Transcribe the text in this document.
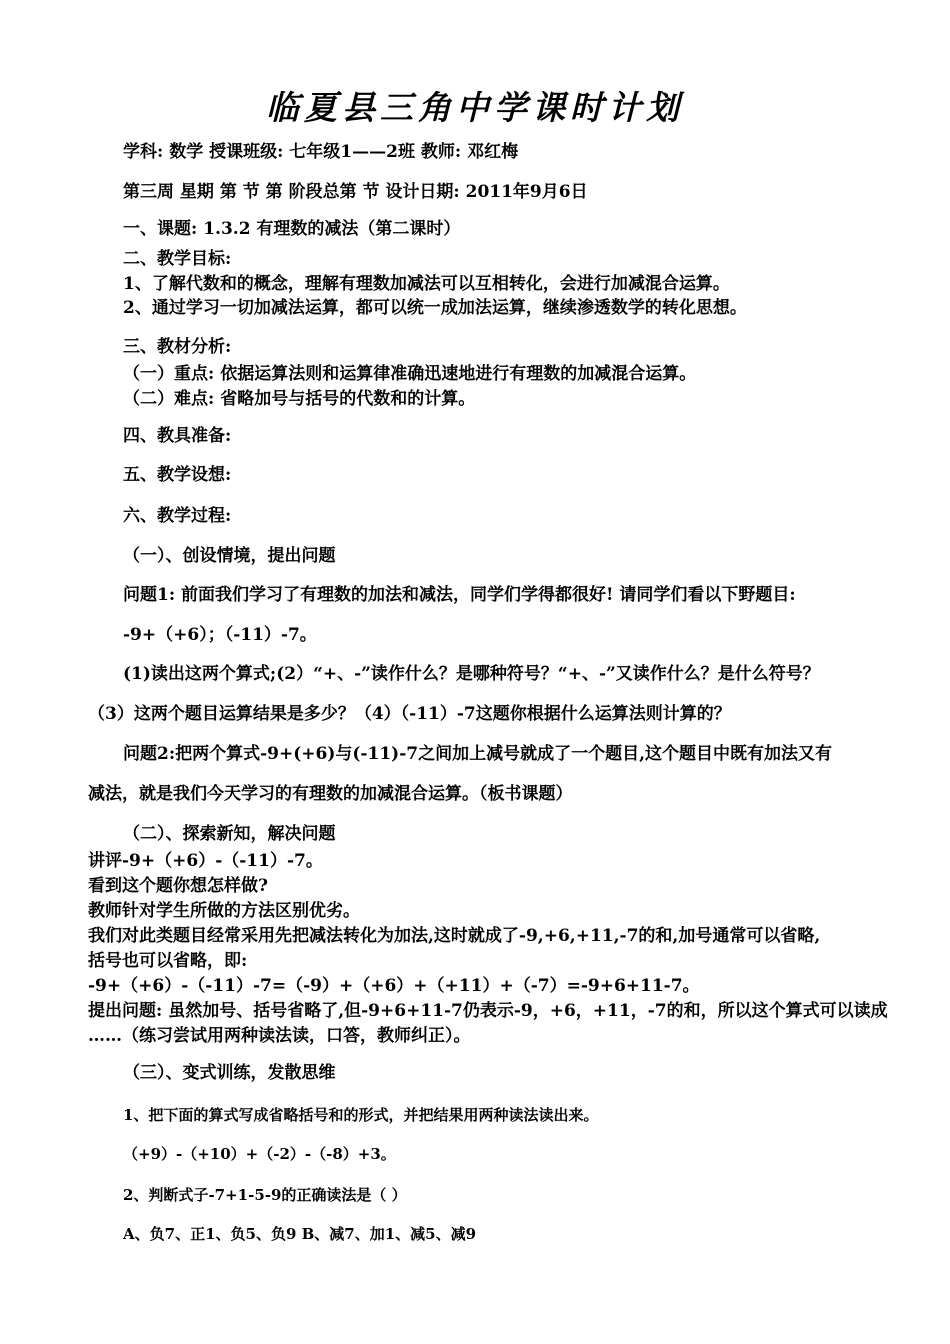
临夏县三角中学课时计划

学科: 数学 授课班级: 七年级1——2班 教师: 邓红梅

第三周 星期 第 节 第 阶段总第 节 设计日期: 2011年9月6日

一、课题: 1.3.2 有理数的减法（第二课时）

二、教学目标:

1、了解代数和的概念，理解有理数加减法可以互相转化，会进行加减混合运算。

2、通过学习一切加减法运算，都可以统一成加法运算，继续渗透数学的转化思想。

三、教材分析:

（一）重点: 依据运算法则和运算律准确迅速地进行有理数的加减混合运算。

（二）难点: 省略加号与括号的代数和的计算。

四、教具准备:

五、教学设想:

六、教学过程:

（一）、创设情境，提出问题

问题1: 前面我们学习了有理数的加法和减法，同学们学得都很好! 请同学们看以下野题目:

-9+（+6）；（-11）-7。

(1)读出这两个算式;(2）“+、-”读作什么？是哪种符号？“+、-”又读作什么？是什么符号？

（3）这两个题目运算结果是多少？（4）（-11）-7这题你根据什么运算法则计算的？

问题2:把两个算式-9+(+6)与(-11)-7之间加上减号就成了一个题目,这个题目中既有加法又有

减法，就是我们今天学习的有理数的加减混合运算。（板书课题）

（二）、探索新知，解决问题

讲评-9+（+6）-（-11）-7。

看到这个题你想怎样做?

教师针对学生所做的方法区别优劣。

我们对此类题目经常采用先把减法转化为加法,这时就成了-9,+6,+11,-7的和,加号通常可以省略,

括号也可以省略，即:

-9+（+6）-（-11）-7=（-9）+（+6）+（+11）+（-7）=-9+6+11-7。

提出问题: 虽然加号、括号省略了,但-9+6+11-7仍表示-9，+6，+11，-7的和，所以这个算式可以读成

……（练习尝试用两种读法读，口答，教师纠正）。

（三）、变式训练，发散思维

1、把下面的算式写成省略括号和的形式，并把结果用两种读法读出来。

（+9）-（+10）+（-2）-（-8）+3。

2、判断式子-7+1-5-9的正确读法是（ ）

A、负7、正1、负5、负9 B、减7、加1、减5、减9
